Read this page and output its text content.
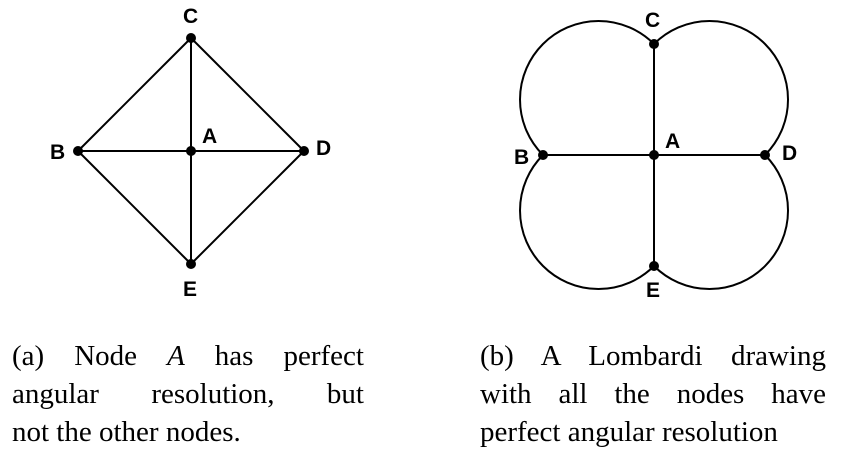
A
B
C
D
E
A
B
C
D
E
(a) Node A has perfect
angular resolution, but
not the other nodes.
(b) A Lombardi drawing
with all the nodes have
perfect angular resolution
